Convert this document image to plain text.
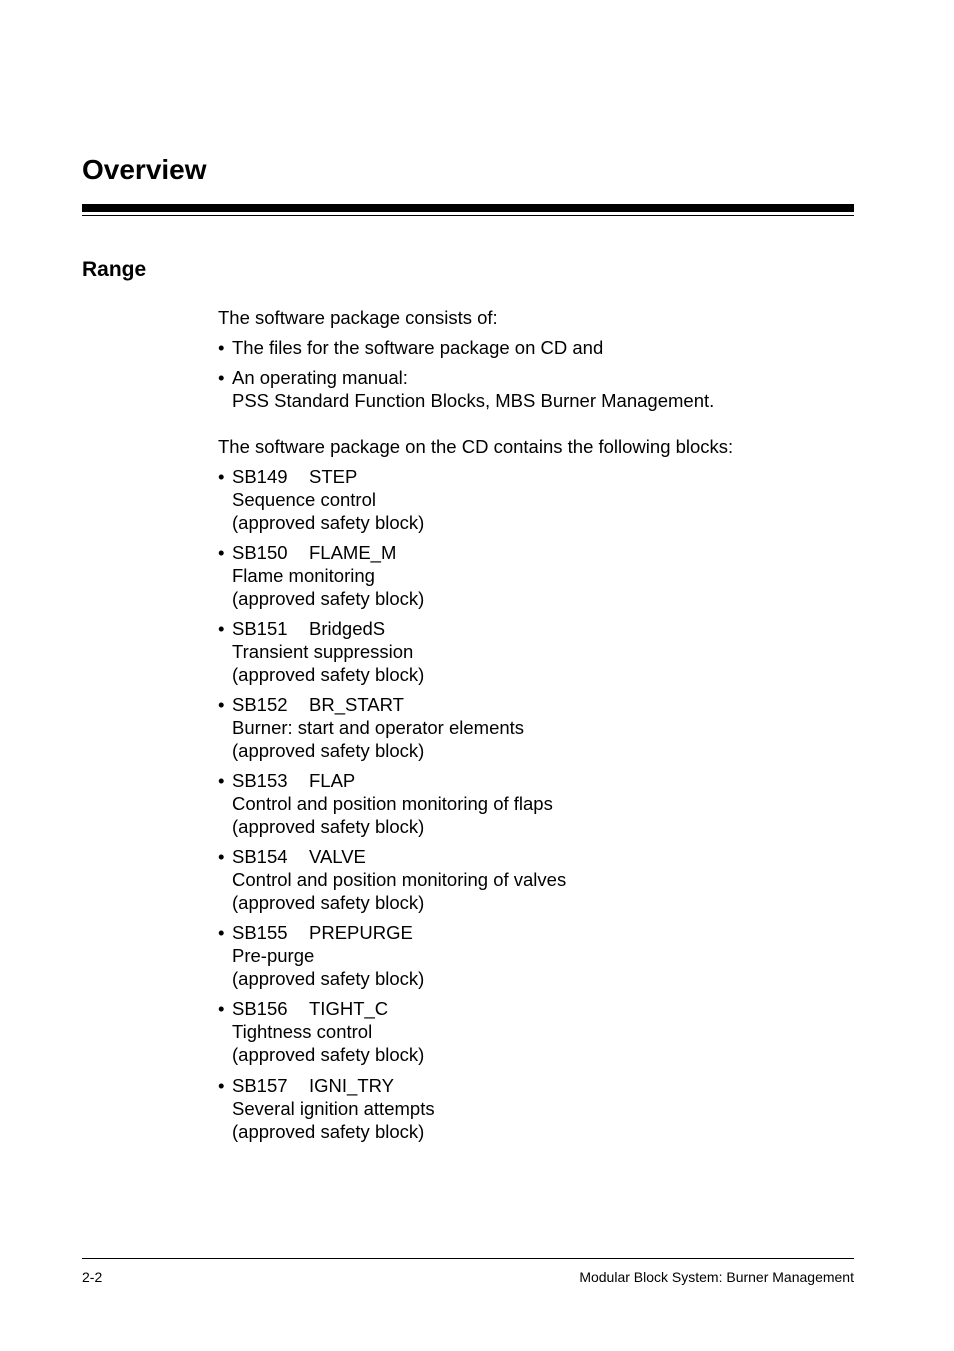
Overview
Range

The software package consists of:

• The files for the software package on CD and
• An operating manual:
PSS Standard Function Blocks, MBS Burner Management.

The software package on the CD contains the following blocks:

• SB149 STEP
Sequence control
(approved safety block)
• SB150 FLAME_M
Flame monitoring
(approved safety block)
• SB151 BridgedS
Transient suppression
(approved safety block)
• SB152 BR_START
Burner: start and operator elements
(approved safety block)
• SB153 FLAP
Control and position monitoring of flaps
(approved safety block)
• SB154 VALVE
Control and position monitoring of valves
(approved safety block)
• SB155 PREPURGE
Pre-purge
(approved safety block)
• SB156 TIGHT_C
Tightness control
(approved safety block)
• SB157 IGNI_TRY
Several ignition attempts
(approved safety block)
2-2	Modular Block System: Burner Management
